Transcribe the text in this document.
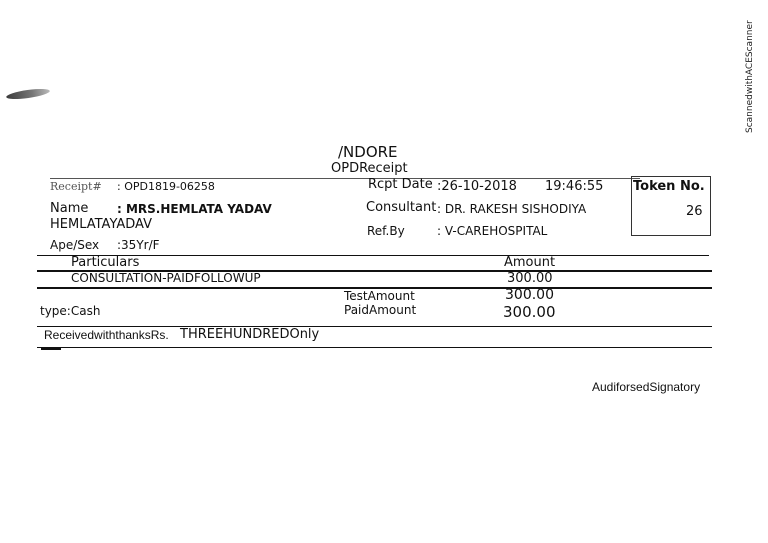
ScannedwithACEScanner
/NDORE
OPDReceipt
Receipt# : OPD1819-06258	Rcpt Date :26-10-2018 19:46:55 Token No.
26
Name : MRS.HEMLATA YADAV	Consultant : DR. RAKESH SISHODIYA
HEMLATAYADAV	Ref.By	: V-CAREHOSPITAL
Ape/Sex :35Yr/F
Particulars	Amount
CONSULTATION-PAIDFOLLOWUP	300.00
type:Cash
TestAmount	300.00
PaidAmount	300.00
ReceivedwiththanksRs. THREEHUNDREDOnly
AudiforsedSignatory
